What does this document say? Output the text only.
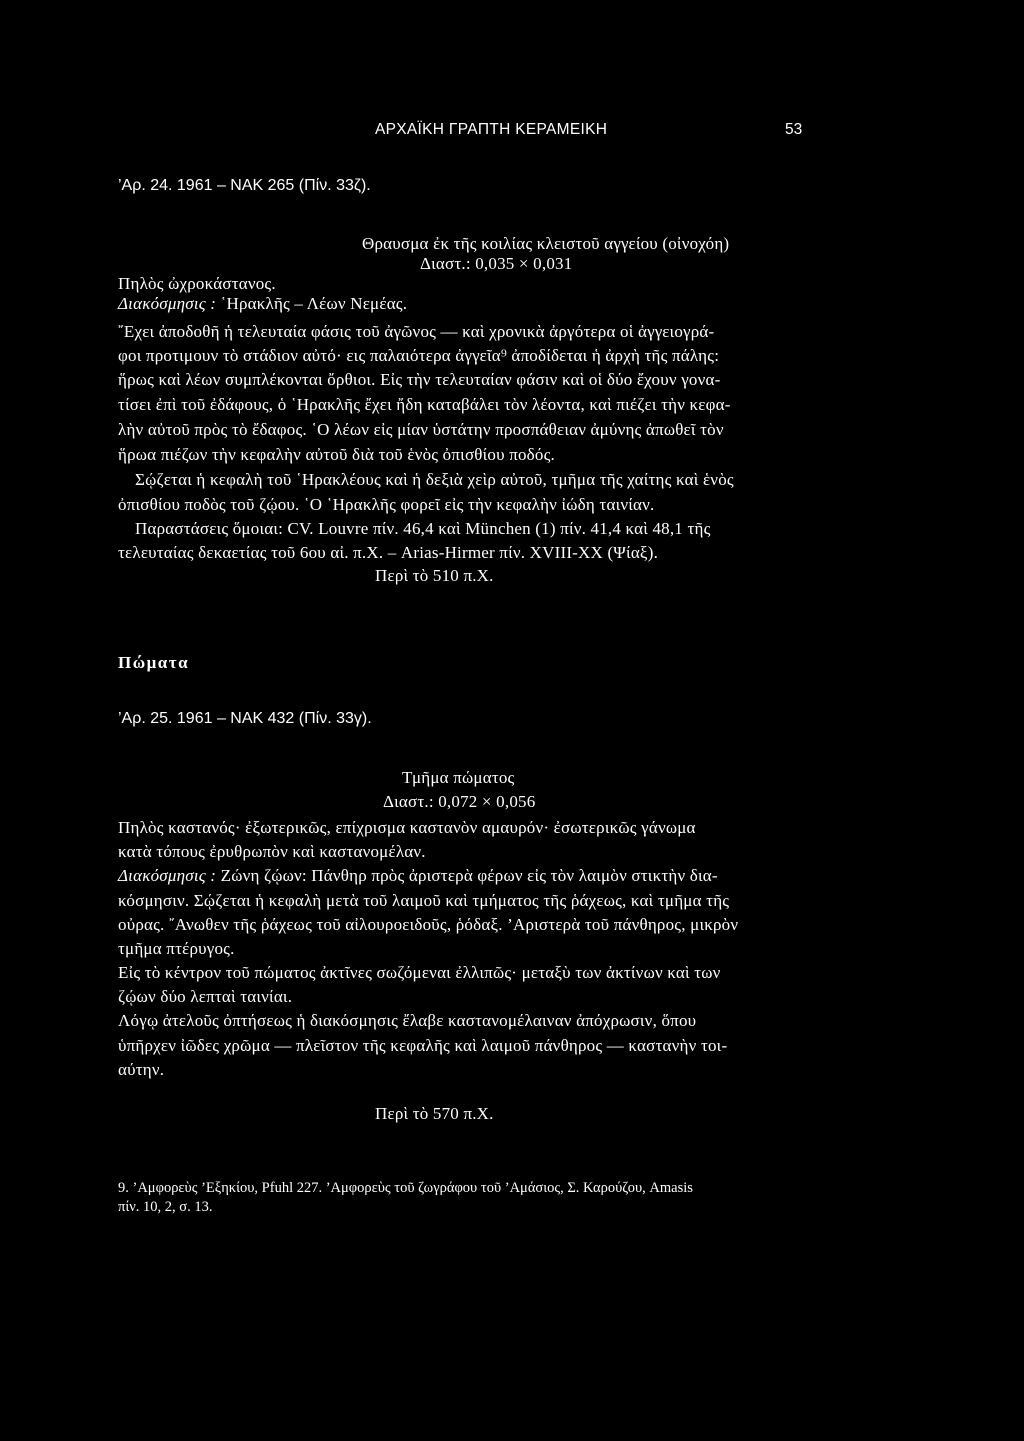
ΑΡΧΑΪΚΗ ΓΡΑΠΤΗ ΚΕΡΑΜΕΙΚΗ	53
’Αρ. 24. 1961 – ΝΑΚ 265 (Πίν. 33ζ).
Θραυσμα ἐκ τῆς κοιλίας κλειστοῦ αγγείου (οἰνοχόη)
Διαστ.: 0,035 × 0,031
Πηλὸς ὠχροκάστανος.
Διακόσμησις : ῾Ηρακλῆς – Λέων Νεμέας.
῎Εχει ἀποδοθῆ ἡ τελευταία φάσις τοῦ ἀγῶνος — καὶ χρονικὰ ἀργότερα οἱ ἀγγειογρά-
φοι προτιμουν τὸ στάδιον αὐτό· εις παλαιότερα ἀγγεῖα⁹ ἀποδίδεται ἡ ἀρχὴ τῆς πάλης:
ἥρως καὶ λέων συμπλέκονται ὄρθιοι. Εἰς τὴν τελευταίαν φάσιν καὶ οἱ δύο ἔχουν γονα-
τίσει ἐπὶ τοῦ ἐδάφους, ὁ ῾Ηρακλῆς ἔχει ἤδη καταβάλει τὸν λέοντα, καὶ πιέζει τὴν κεφα-
λὴν αὐτοῦ πρὸς τὸ ἔδαφος. ῾Ο λέων εἰς μίαν ὑστάτην προσπάθειαν ἀμύνης ἀπωθεῖ τὸν
ἥρωα πιέζων τὴν κεφαλὴν αὐτοῦ διὰ τοῦ ἑνὸς ὀπισθίου ποδός.
Σῴζεται ἡ κεφαλὴ τοῦ ῾Ηρακλέους καὶ ἡ δεξιὰ χεὶρ αὐτοῦ, τμῆμα τῆς χαίτης καὶ ἑνὸς
ὀπισθίου ποδὸς τοῦ ζῴου. ῾Ο ῾Ηρακλῆς φορεῖ εἰς τὴν κεφαλὴν ἰώδη ταινίαν.
Παραστάσεις ὅμοιαι: CV. Louvre πίν. 46,4 καὶ München (1) πίν. 41,4 καὶ 48,1 τῆς
τελευταίας δεκαετίας τοῦ 6ου αἰ. π.Χ. – Arias-Hirmer πίν. XVIII-XX (Ψίαξ).
Περὶ τὸ 510 π.Χ.
Πώματα
’Αρ. 25. 1961 – ΝΑΚ 432 (Πίν. 33γ).
Τμῆμα πώματος
Διαστ.: 0,072 × 0,056
Πηλὸς καστανός· ἐξωτερικῶς, επίχρισμα καστανὸν αμαυρόν· ἐσωτερικῶς γάνωμα
κατὰ τόπους ἐρυθρωπὸν καὶ καστανομέλαν.
Διακόσμησις : Ζώνη ζῴων: Πάνθηρ πρὸς ἀριστερὰ φέρων εἰς τὸν λαιμὸν στικτὴν δια-
κόσμησιν. Σῴζεται ἡ κεφαλὴ μετὰ τοῦ λαιμοῦ καὶ τμήματος τῆς ῥάχεως, καὶ τμῆμα τῆς
οὐρας. ῎Ανωθεν τῆς ῥάχεως τοῦ αἰλουροειδοῦς, ῥόδαξ. ’Αριστερὰ τοῦ πάνθηρος, μικρὸν
τμῆμα πτέρυγος.
Εἰς τὸ κέντρον τοῦ πώματος ἀκτῖνες σωζόμεναι ἐλλιπῶς· μεταξὺ των ἀκτίνων καὶ των
ζῴων δύο λεπταὶ ταινίαι.
Λόγῳ ἀτελοῦς ὀπτήσεως ἡ διακόσμησις ἔλαβε καστανομέλαιναν ἀπόχρωσιν, ὅπου
ὑπῆρχεν ἰῶδες χρῶμα — πλεῖστον τῆς κεφαλῆς καὶ λαιμοῦ πάνθηρος — καστανὴν τοι-
αύτην.
Περὶ τὸ 570 π.Χ.
9. ’Αμφορεὺς ’Εξηκίου, Pfuhl 227. ’Αμφορεὺς τοῦ ζωγράφου τοῦ ’Αμάσιος, Σ. Καρούζου, Amasis
πίν. 10, 2, σ. 13.
